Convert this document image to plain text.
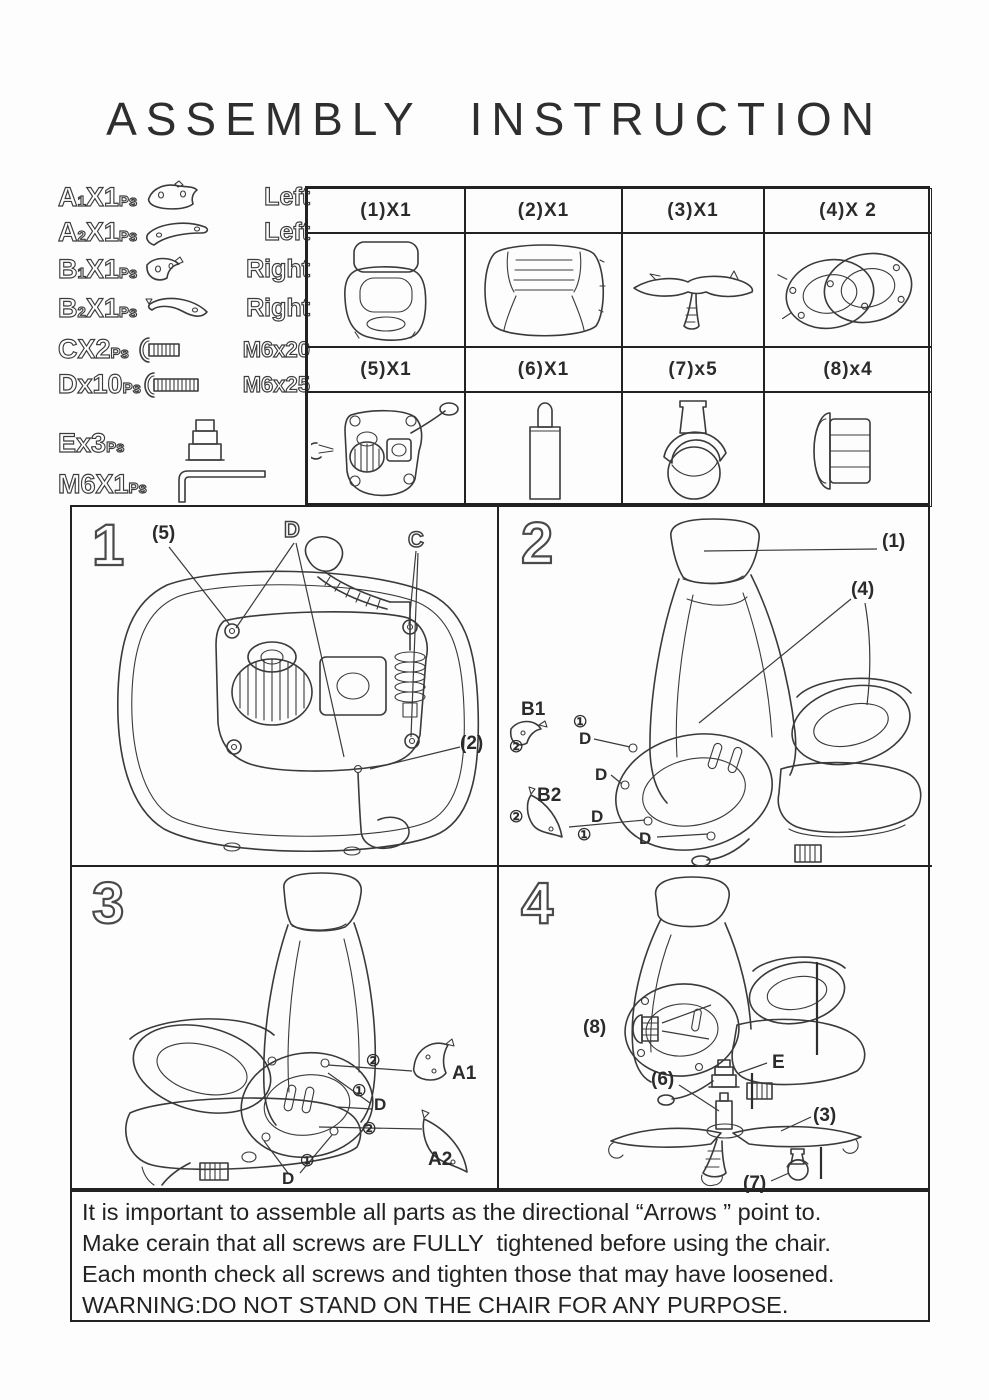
ASSEMBLY INSTRUCTION
A1X1Ps	Left
A2X1Ps	Left
B1X1Ps	Right
B2X1Ps	Right
CX2Ps	M6x20
Dx10Ps	M6x25
Ex3Ps
M6X1Ps
(1)X1	(2)X1	(3)X1	(4)X 2
(5)X1	(6)X1	(7)x5	(8)x4
1 (5)	D	C
(2)
2	(1)
(4)
B1
①
D
②
D
B2
②	D
①	D
3
②
A1
①
D
②
A2
①
D
4
(8)
E
(6)
(3)
(7)
It is important to assemble all parts as the directional “Arrows ” point to.
Make cerain that all screws are FULLY  tightened before using the chair.
Each month check all screws and tighten those that may have loosened.
WARNING:DO NOT STAND ON THE CHAIR FOR ANY PURPOSE.
